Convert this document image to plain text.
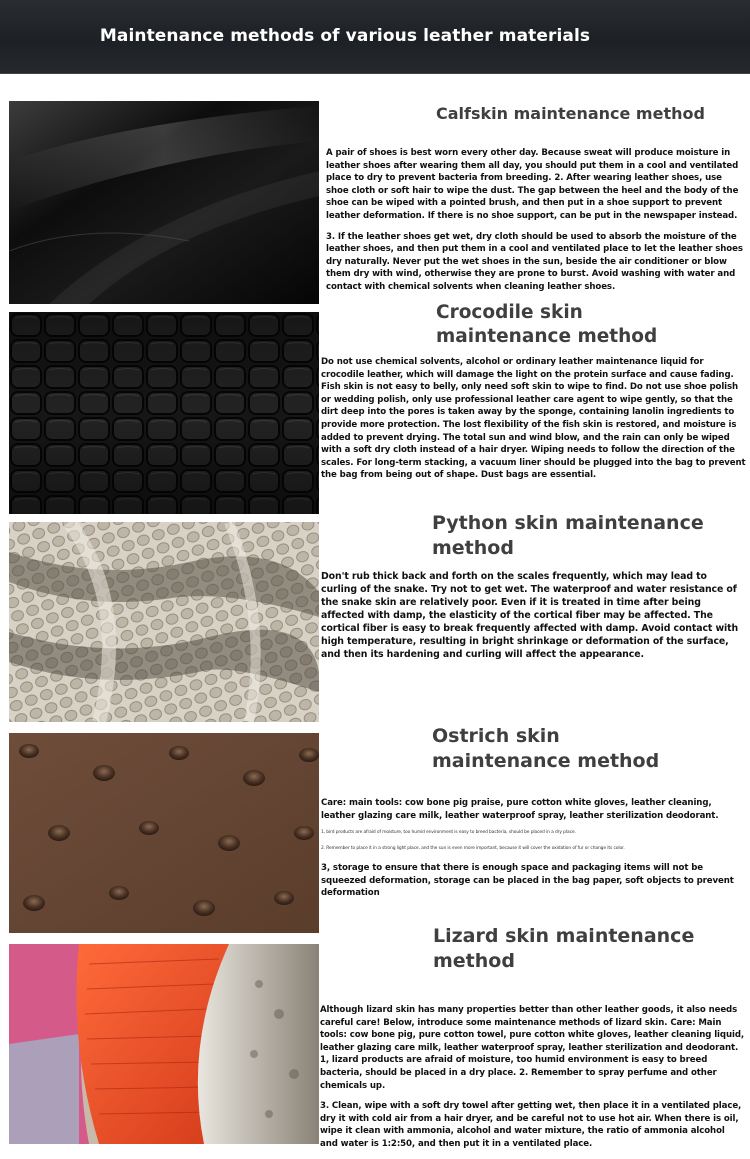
Maintenance methods of various leather materials
Calfskin maintenance method

A pair of shoes is best worn every other day. Because sweat will produce moisture in leather shoes after wearing them all day, you should put them in a cool and ventilated place to dry to prevent bacteria from breeding. 2. After wearing leather shoes, use shoe cloth or soft hair to wipe the dust. The gap between the heel and the body of the shoe can be wiped with a pointed brush, and then put in a shoe support to prevent leather deformation. If there is no shoe support, can be put in the newspaper instead.

3. If the leather shoes get wet, dry cloth should be used to absorb the moisture of the leather shoes, and then put them in a cool and ventilated place to let the leather shoes dry naturally. Never put the wet shoes in the sun, beside the air conditioner or blow them dry with wind, otherwise they are prone to burst. Avoid washing with water and contact with chemical solvents when cleaning leather shoes.

Crocodile skin
maintenance method

Do not use chemical solvents, alcohol or ordinary leather maintenance liquid for crocodile leather, which will damage the light on the protein surface and cause fading. Fish skin is not easy to belly, only need soft skin to wipe to find. Do not use shoe polish or wedding polish, only use professional leather care agent to wipe gently, so that the dirt deep into the pores is taken away by the sponge, containing lanolin ingredients to provide more protection. The lost flexibility of the fish skin is restored, and moisture is added to prevent drying. The total sun and wind blow, and the rain can only be wiped with a soft dry cloth instead of a hair dryer. Wiping needs to follow the direction of the scales. For long-term stacking, a vacuum liner should be plugged into the bag to prevent the bag from being out of shape. Dust bags are essential.

Python skin maintenance
method

Don't rub thick back and forth on the scales frequently, which may lead to curling of the snake. Try not to get wet. The waterproof and water resistance of the snake skin are relatively poor. Even if it is treated in time after being affected with damp, the elasticity of the cortical fiber may be affected. The cortical fiber is easy to break frequently affected with damp. Avoid contact with high temperature, resulting in bright shrinkage or deformation of the surface, and then its hardening and curling will affect the appearance.

Ostrich skin
maintenance method

Care: main tools: cow bone pig praise, pure cotton white gloves, leather cleaning, leather glazing care milk, leather waterproof spray, leather sterilization deodorant.

1, bird products are afraid of moisture, too humid environment is easy to breed bacteria, should be placed in a dry place.

2. Remember to place it in a strong light place, and the sun is even more important, because it will cover the oxidation of fur or change its color.

3, storage to ensure that there is enough space and packaging items will not be squeezed deformation, storage can be placed in the bag paper, soft objects to prevent deformation

Lizard skin maintenance
method

Although lizard skin has many properties better than other leather goods, it also needs careful care! Below, introduce some maintenance methods of lizard skin. Care: Main tools: cow bone pig, pure cotton towel, pure cotton white gloves, leather cleaning liquid, leather glazing care milk, leather waterproof spray, leather sterilization and deodorant. 1, lizard products are afraid of moisture, too humid environment is easy to breed bacteria, should be placed in a dry place. 2. Remember to spray perfume and other chemicals up.

3. Clean, wipe with a soft dry towel after getting wet, then place it in a ventilated place, dry it with cold air from a hair dryer, and be careful not to use hot air. When there is oil, wipe it clean with ammonia, alcohol and water mixture, the ratio of ammonia alcohol and water is 1:2:50, and then put it in a ventilated place.
